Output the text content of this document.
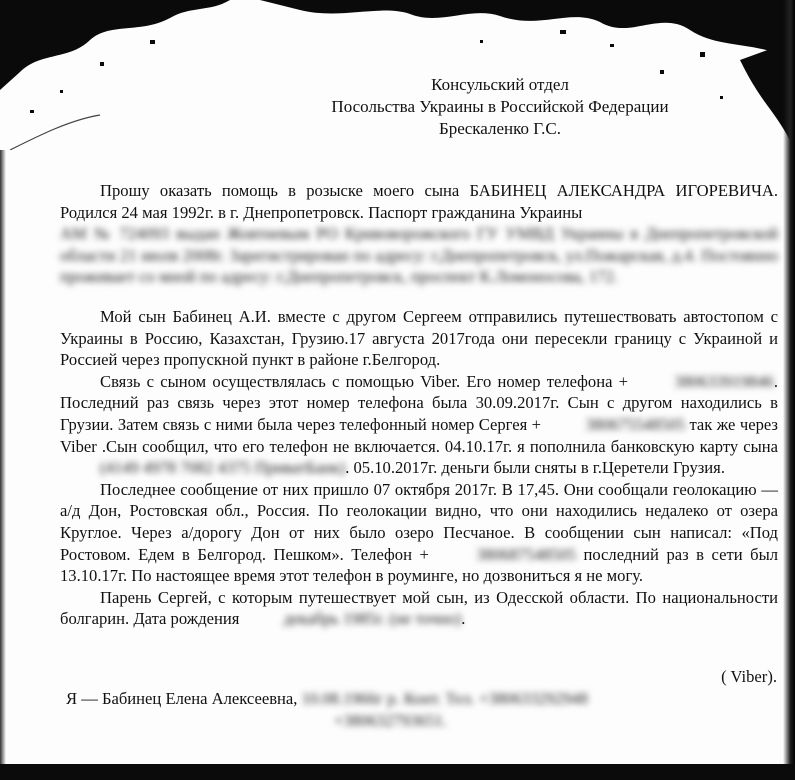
Консульский отдел
Посольства Украины в Российской Федерации
Бреcкаленко Г.С.

Прошу оказать помощь в розыске моего сына БАБИНЕЦ АЛЕКСАНДРА ИГОРЕВИЧА. Родился 24 мая 1992г. в г. Днепропетровск. Паспорт гражданина Украины
АМ № 724093 выдан Жовтневым РО Кривоворожского ГУ УМВД Украины в Днепропетровской области 21 июля 2008г. Зарегистрирован по адресу: г.Днепропетровск, ул.Пожарская, д.4. Постоянно проживает со мной по адресу: г.Днепропетровск, проспект К.Ломоносова, 172.

Мой сын Бабинец А.И. вместе с другом Сергеем отправились путешествовать автостопом с Украины в Россию, Казахстан, Грузию.17 августа 2017года они пересекли границу с Украиной и Россией через пропускной пункт в районе г.Белгород.

Связь с сыном осуществлялась с помощью Viber. Его номер телефона +	380633919846. Последний раз связь через этот номер телефона была 30.09.2017г. Сын с другом находились в Грузии. Затем связь с ними была через телефонный номер Сергея +	380675548505 так же через Viber .Сын сообщил, что его телефон не включается. 04.10.17г. я пополнила банковскую карту сына (4149 4978 7082 4375 ПриватБанк). 05.10.2017г. деньги были сняты в г.Церетели Грузия.

Последнее сообщение от них пришло 07 октября 2017г. В 17,45. Они сообщали геолокацию — а/д Дон, Ростовская обл., Россия. По геолокации видно, что они находились недалеко от озера Круглое. Через а/дорогу Дон от них было озеро Песчаное. В сообщении сын написал: «Под Ростовом. Едем в Белгород. Пешком». Телефон +	380687548505 последний раз в сети был 13.10.17г. По настоящее время этот телефон в роуминге, но дозвониться я не могу.

Парень Сергей, с которым путешествует мой сын, из Одесской области. По национальности болгарин. Дата рождения	декабрь 1985г. (не точно).

( Viber).
Я — Бабинец Елена Алексеевна, 10.08.1966г р. Конт. Тел. +380633292948
+380632793651.
